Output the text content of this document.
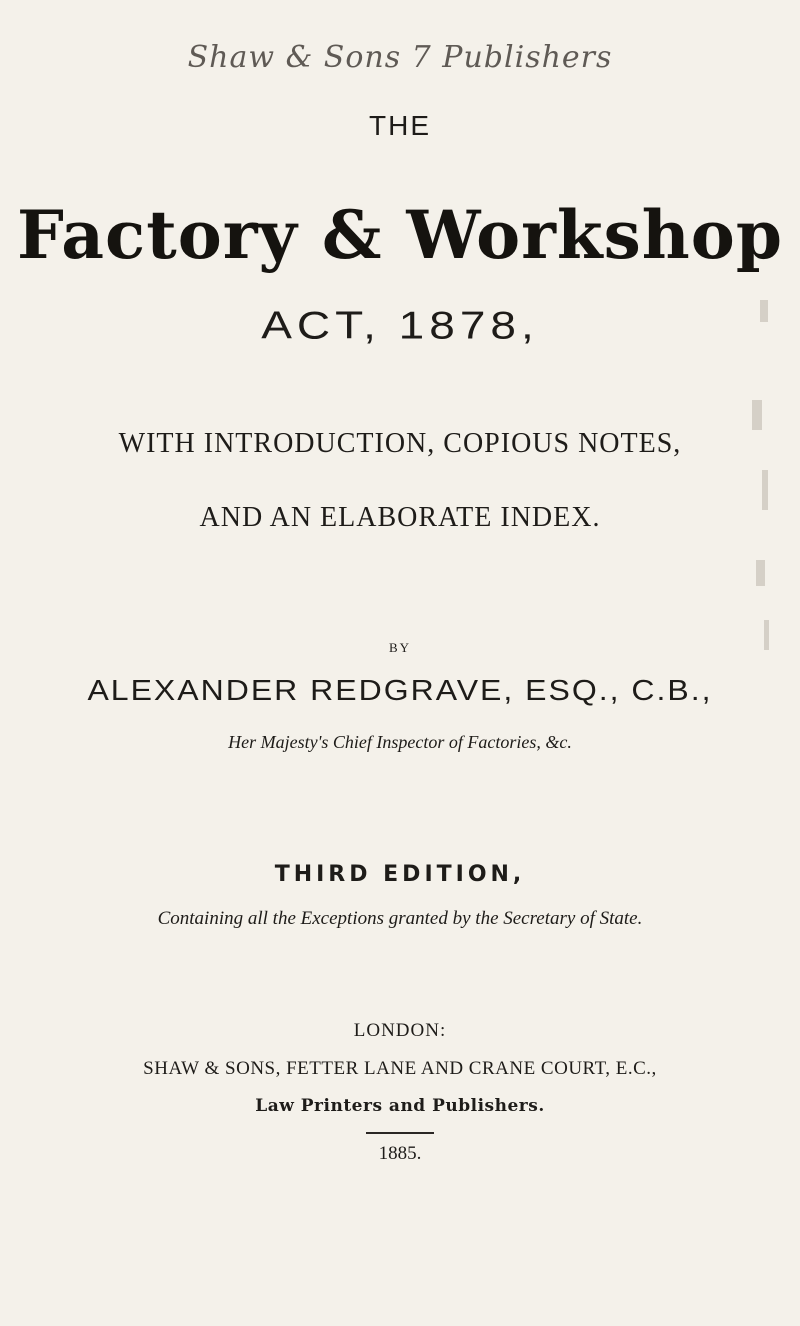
Shaw & Sons 7 Publishers
THE
Factory & Workshop
ACT, 1878,
WITH INTRODUCTION, COPIOUS NOTES,
AND AN ELABORATE INDEX.
BY
ALEXANDER REDGRAVE, ESQ., C.B.,
Her Majesty's Chief Inspector of Factories, &c.
THIRD EDITION,
Containing all the Exceptions granted by the Secretary of State.
LONDON:
SHAW & SONS, FETTER LANE AND CRANE COURT, E.C.,
Law Printers and Publishers.
1885.
